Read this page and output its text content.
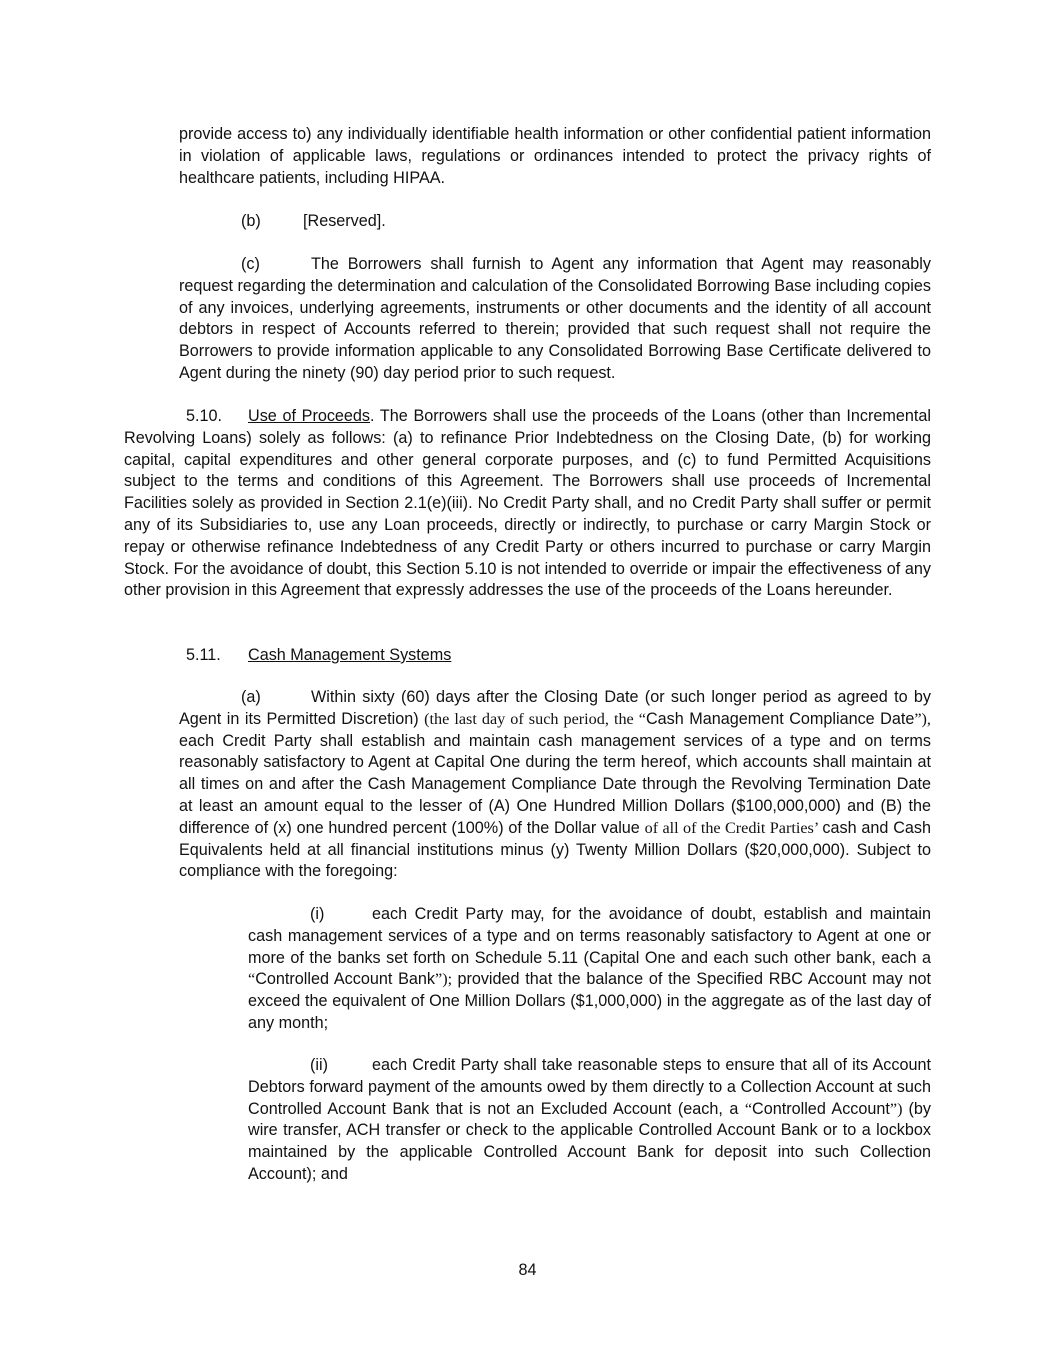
provide access to) any individually identifiable health information or other confidential patient information in violation of applicable laws, regulations or ordinances intended to protect the privacy rights of healthcare patients, including HIPAA.

(b)	[Reserved].

(c)	The Borrowers shall furnish to Agent any information that Agent may reasonably request regarding the determination and calculation of the Consolidated Borrowing Base including copies of any invoices, underlying agreements, instruments or other documents and the identity of all account debtors in respect of Accounts referred to therein; provided that such request shall not require the Borrowers to provide information applicable to any Consolidated Borrowing Base Certificate delivered to Agent during the ninety (90) day period prior to such request.

5.10. Use of Proceeds. The Borrowers shall use the proceeds of the Loans (other than Incremental Revolving Loans) solely as follows: (a) to refinance Prior Indebtedness on the Closing Date, (b) for working capital, capital expenditures and other general corporate purposes, and (c) to fund Permitted Acquisitions subject to the terms and conditions of this Agreement. The Borrowers shall use proceeds of Incremental Facilities solely as provided in Section 2.1(e)(iii). No Credit Party shall, and no Credit Party shall suffer or permit any of its Subsidiaries to, use any Loan proceeds, directly or indirectly, to purchase or carry Margin Stock or repay or otherwise refinance Indebtedness of any Credit Party or others incurred to purchase or carry Margin Stock. For the avoidance of doubt, this Section 5.10 is not intended to override or impair the effectiveness of any other provision in this Agreement that expressly addresses the use of the proceeds of the Loans hereunder.

5.11. Cash Management Systems

(a)	Within sixty (60) days after the Closing Date (or such longer period as agreed to by Agent in its Permitted Discretion) (the last day of such period, the “Cash Management Compliance Date”), each Credit Party shall establish and maintain cash management services of a type and on terms reasonably satisfactory to Agent at Capital One during the term hereof, which accounts shall maintain at all times on and after the Cash Management Compliance Date through the Revolving Termination Date at least an amount equal to the lesser of (A) One Hundred Million Dollars ($100,000,000) and (B) the difference of (x) one hundred percent (100%) of the Dollar value of all of the Credit Parties’ cash and Cash Equivalents held at all financial institutions minus (y) Twenty Million Dollars ($20,000,000). Subject to compliance with the foregoing:

(i)	each Credit Party may, for the avoidance of doubt, establish and maintain cash management services of a type and on terms reasonably satisfactory to Agent at one or more of the banks set forth on Schedule 5.11 (Capital One and each such other bank, each a “Controlled Account Bank”); provided that the balance of the Specified RBC Account may not exceed the equivalent of One Million Dollars ($1,000,000) in the aggregate as of the last day of any month;

(ii)	each Credit Party shall take reasonable steps to ensure that all of its Account Debtors forward payment of the amounts owed by them directly to a Collection Account at such Controlled Account Bank that is not an Excluded Account (each, a “Controlled Account”) (by wire transfer, ACH transfer or check to the applicable Controlled Account Bank or to a lockbox maintained by the applicable Controlled Account Bank for deposit into such Collection Account); and

84
